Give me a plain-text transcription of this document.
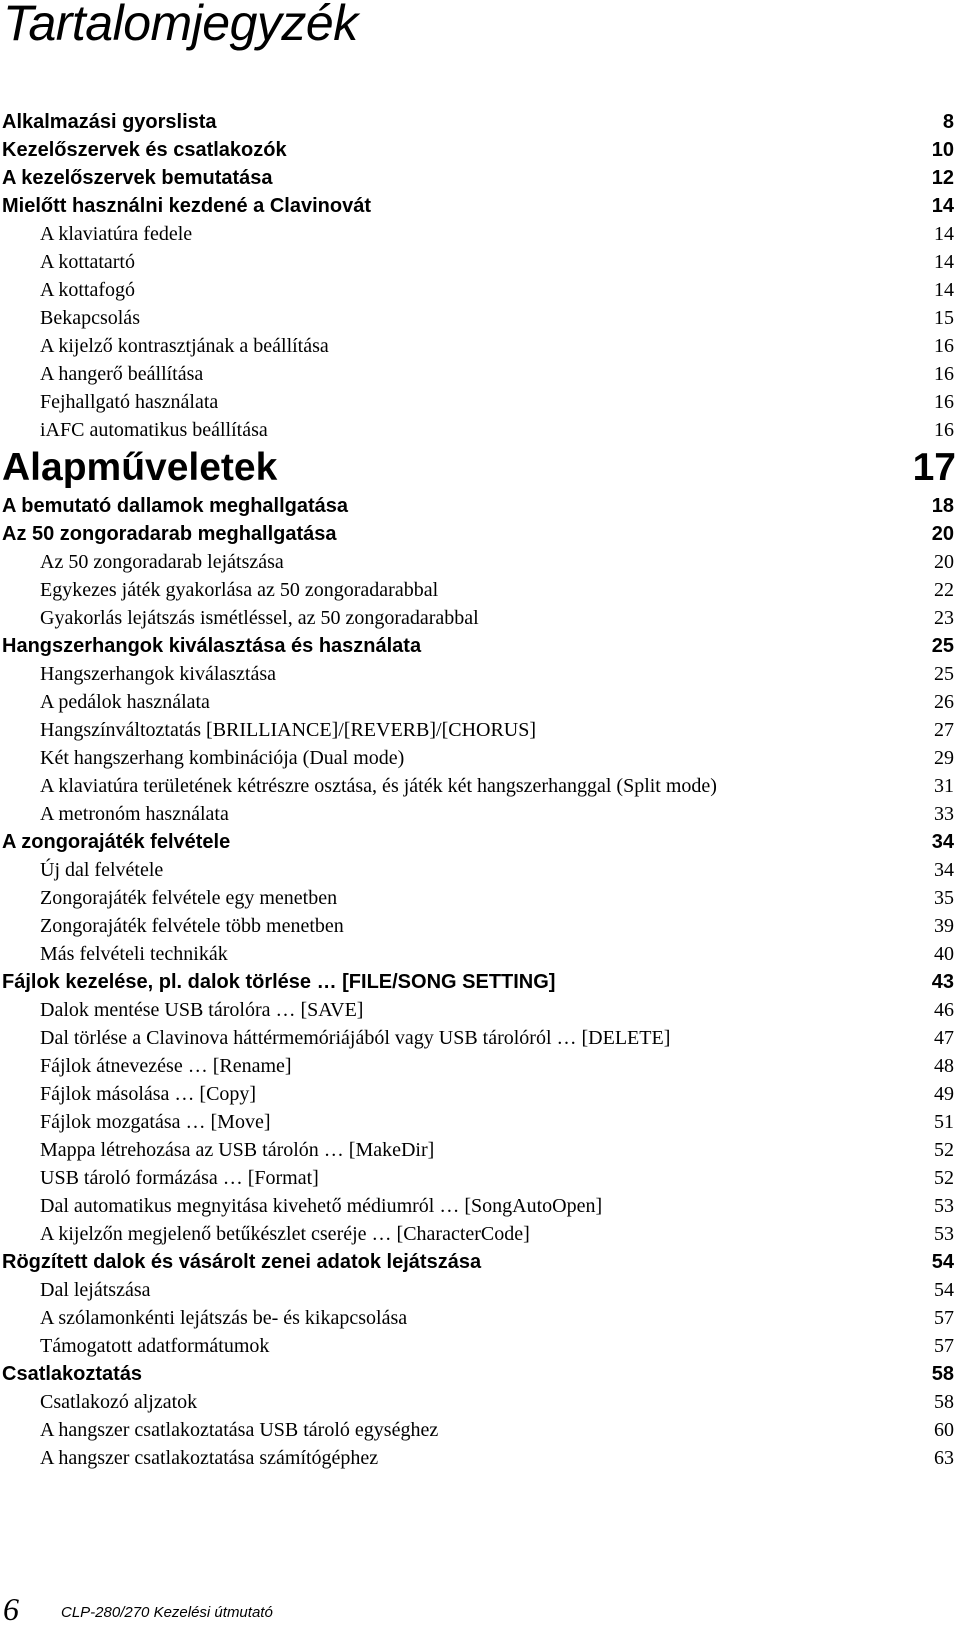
Tartalomjegyzék
Alkalmazási gyorslista	8
Kezelőszervek és csatlakozók	10
A kezelőszervek bemutatása	12
Mielőtt használni kezdené a Clavinovát	14
A klaviatúra fedele	14
A kottatartó	14
A kottafogó	14
Bekapcsolás	15
A kijelző kontrasztjának a beállítása	16
A hangerő beállítása	16
Fejhallgató használata	16
iAFC automatikus beállítása	16
Alapműveletek	17
A bemutató dallamok meghallgatása	18
Az 50 zongoradarab meghallgatása	20
Az 50 zongoradarab lejátszása	20
Egykezes játék gyakorlása az 50 zongoradarabbal	22
Gyakorlás lejátszás ismétléssel, az 50 zongoradarabbal	23
Hangszerhangok kiválasztása és használata	25
Hangszerhangok kiválasztása	25
A pedálok használata	26
Hangszínváltoztatás [BRILLIANCE]/[REVERB]/[CHORUS]	27
Két hangszerhang kombinációja (Dual mode)	29
A klaviatúra területének kétrészre osztása, és játék két hangszerhanggal (Split mode)	31
A metronóm használata	33
A zongorajáték felvétele	34
Új dal felvétele	34
Zongorajáték felvétele egy menetben	35
Zongorajáték felvétele több menetben	39
Más felvételi technikák	40
Fájlok kezelése, pl. dalok törlése … [FILE/SONG SETTING]	43
Dalok mentése USB tárolóra … [SAVE]	46
Dal törlése a Clavinova háttérmemóriájából vagy USB tárolóról … [DELETE]	47
Fájlok átnevezése … [Rename]	48
Fájlok másolása … [Copy]	49
Fájlok mozgatása … [Move]	51
Mappa létrehozása az USB tárolón … [MakeDir]	52
USB tároló formázása … [Format]	52
Dal automatikus megnyitása kivehető médiumról … [SongAutoOpen]	53
A kijelzőn megjelenő betűkészlet cseréje … [CharacterCode]	53
Rögzített dalok és vásárolt zenei adatok lejátszása	54
Dal lejátszása	54
A szólamonkénti lejátszás be- és kikapcsolása	57
Támogatott adatformátumok	57
Csatlakoztatás	58
Csatlakozó aljzatok	58
A hangszer csatlakoztatása USB tároló egységhez	60
A hangszer csatlakoztatása számítógéphez	63
6	CLP-280/270 Kezelési útmutató
